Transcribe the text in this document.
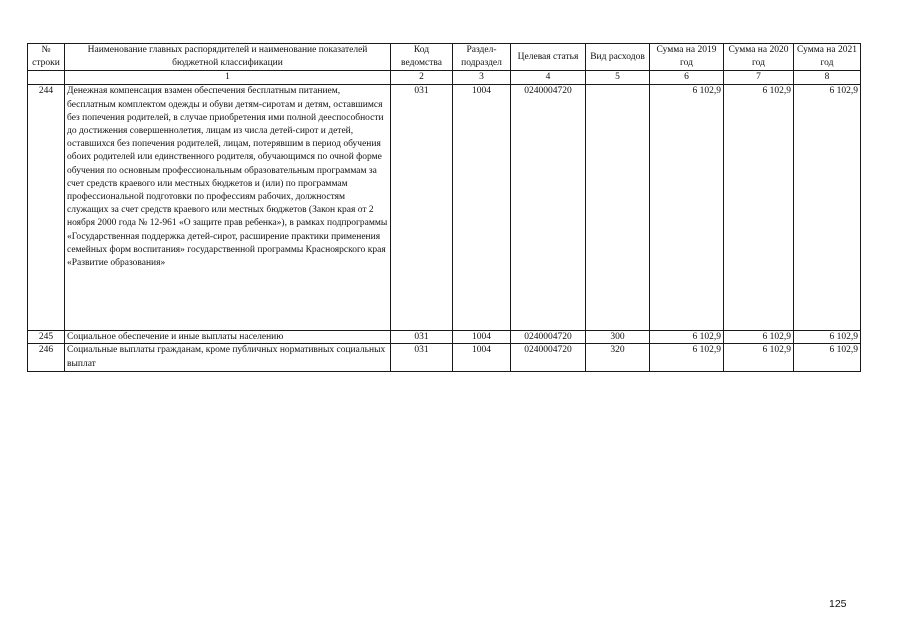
№ строки	Наименование главных распорядителей и наименование показателей бюджетной классификации	Код ведомства	Раздел-подраздел	Целевая статья	Вид расходов	Сумма на 2019 год	Сумма на 2020 год	Сумма на 2021 год
	1	2	3	4	5	6	7	8
244	Денежная компенсация взамен обеспечения бесплатным питанием, бесплатным комплектом одежды и обуви детям-сиротам и детям, оставшимся без попечения родителей, в случае приобретения ими полной дееспособности до достижения совершеннолетия, лицам из числа детей-сирот и детей, оставшихся без попечения родителей, лицам, потерявшим в период обучения обоих родителей или единственного родителя, обучающимся по очной форме обучения по основным профессиональным образовательным программам за счет средств краевого или местных бюджетов и (или) по программам профессиональной подготовки по профессиям рабочих, должностям служащих за счет средств краевого или местных бюджетов (Закон края от 2 ноября 2000 года № 12-961 «О защите прав ребенка»), в рамках подпрограммы «Государственная поддержка детей-сирот, расширение практики применения семейных форм воспитания» государственной программы Красноярского края «Развитие образования»	031	1004	0240004720		6 102,9	6 102,9	6 102,9
245	Социальное обеспечение и иные выплаты населению	031	1004	0240004720	300	6 102,9	6 102,9	6 102,9
246	Социальные выплаты гражданам, кроме публичных нормативных социальных выплат	031	1004	0240004720	320	6 102,9	6 102,9	6 102,9
125
